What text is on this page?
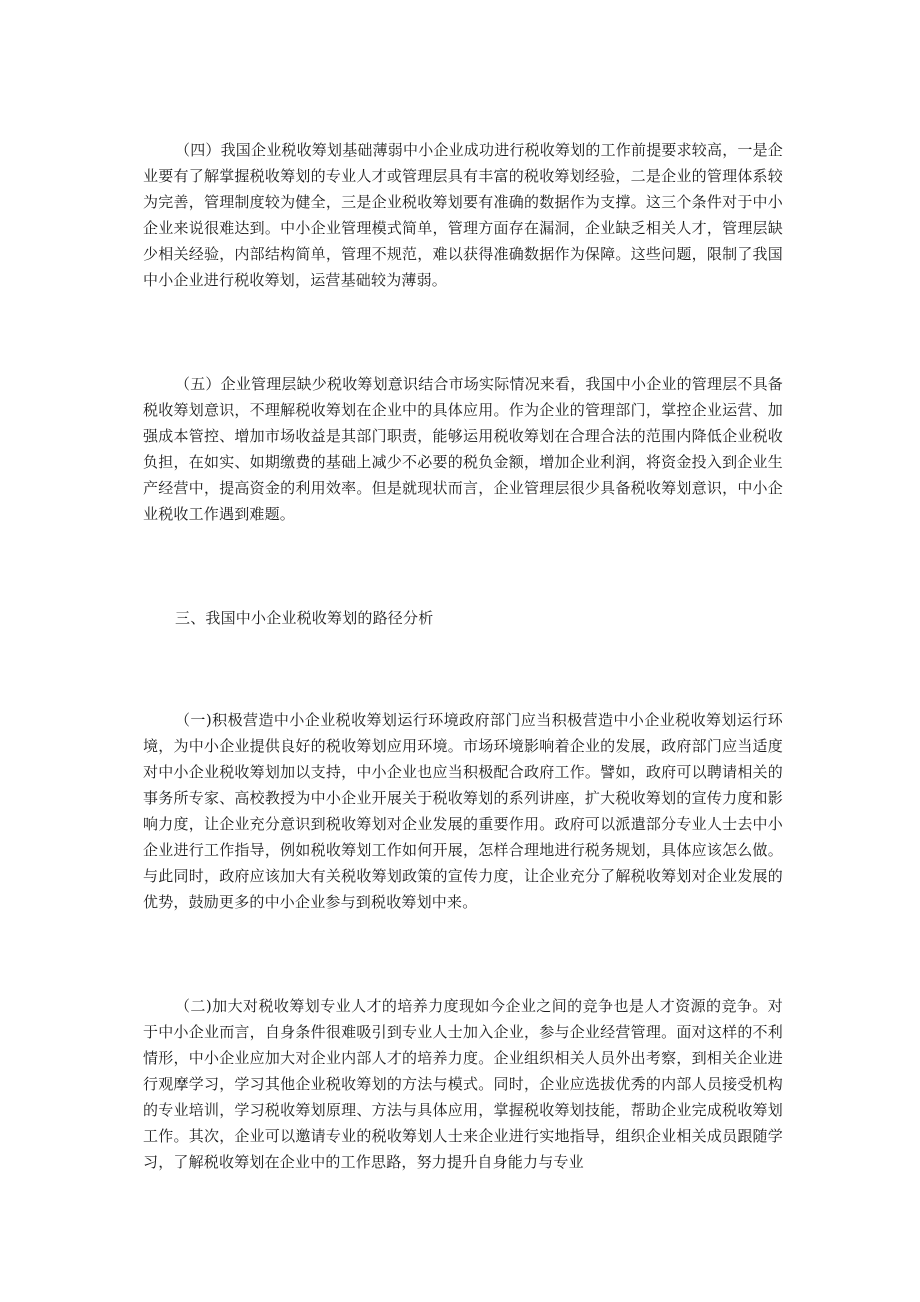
（四）我国企业税收筹划基础薄弱中小企业成功进行税收筹划的工作前提要求较高，一是企业要有了解掌握税收筹划的专业人才或管理层具有丰富的税收筹划经验，二是企业的管理体系较为完善，管理制度较为健全，三是企业税收筹划要有准确的数据作为支撑。这三个条件对于中小企业来说很难达到。中小企业管理模式简单，管理方面存在漏洞，企业缺乏相关人才，管理层缺少相关经验，内部结构简单，管理不规范，难以获得准确数据作为保障。这些问题，限制了我国中小企业进行税收筹划，运营基础较为薄弱。

（五）企业管理层缺少税收筹划意识结合市场实际情况来看，我国中小企业的管理层不具备税收筹划意识，不理解税收筹划在企业中的具体应用。作为企业的管理部门，掌控企业运营、加强成本管控、增加市场收益是其部门职责，能够运用税收筹划在合理合法的范围内降低企业税收负担，在如实、如期缴费的基础上减少不必要的税负金额，增加企业利润，将资金投入到企业生产经营中，提高资金的利用效率。但是就现状而言，企业管理层很少具备税收筹划意识，中小企业税收工作遇到难题。

三、我国中小企业税收筹划的路径分析

（一)积极营造中小企业税收筹划运行环境政府部门应当积极营造中小企业税收筹划运行环境，为中小企业提供良好的税收筹划应用环境。市场环境影响着企业的发展，政府部门应当适度对中小企业税收筹划加以支持，中小企业也应当积极配合政府工作。譬如，政府可以聘请相关的事务所专家、高校教授为中小企业开展关于税收筹划的系列讲座，扩大税收筹划的宣传力度和影响力度，让企业充分意识到税收筹划对企业发展的重要作用。政府可以派遣部分专业人士去中小企业进行工作指导，例如税收筹划工作如何开展，怎样合理地进行税务规划，具体应该怎么做。与此同时，政府应该加大有关税收筹划政策的宣传力度，让企业充分了解税收筹划对企业发展的优势，鼓励更多的中小企业参与到税收筹划中来。

（二)加大对税收筹划专业人才的培养力度现如今企业之间的竞争也是人才资源的竞争。对于中小企业而言，自身条件很难吸引到专业人士加入企业，参与企业经营管理。面对这样的不利情形，中小企业应加大对企业内部人才的培养力度。企业组织相关人员外出考察，到相关企业进行观摩学习，学习其他企业税收筹划的方法与模式。同时，企业应选拔优秀的内部人员接受机构的专业培训，学习税收筹划原理、方法与具体应用，掌握税收筹划技能，帮助企业完成税收筹划工作。其次，企业可以邀请专业的税收筹划人士来企业进行实地指导，组织企业相关成员跟随学习，了解税收筹划在企业中的工作思路，努力提升自身能力与专业
